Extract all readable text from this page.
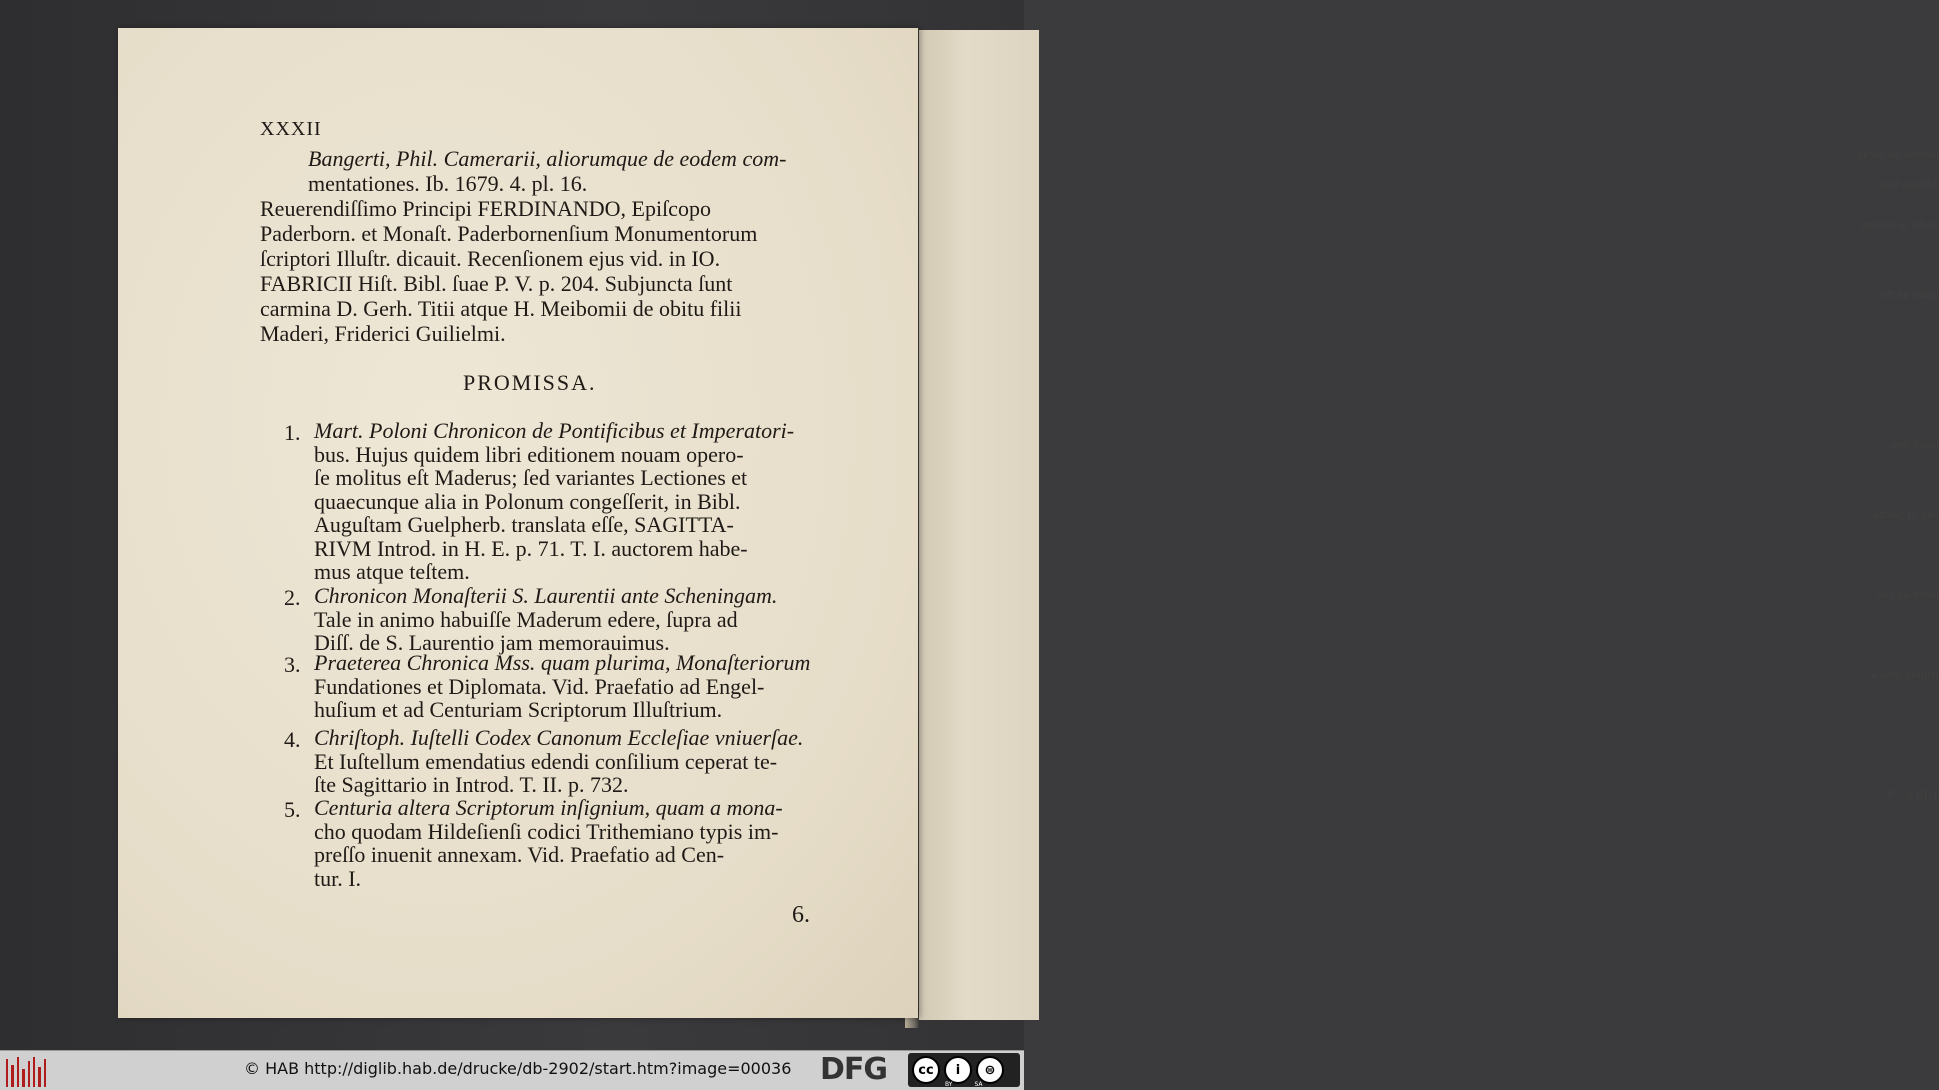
ueroea de ceran
Arimae tuee
cecto in coromi
ulbre ad fin
ulcer deo
ead ut Seclio
ldere ad coe
Iruiom dein a
T. III p. 70
XXXII
Bangerti, Phil. Camerarii, aliorumque de eodem com-
mentationes. Ib. 1679. 4. pl. 16.
Reuerendiſſimo Principi FERDINANDO, Epiſcopo
Paderborn. et Monaſt. Paderbornenſium Monumentorum
ſcriptori Illuſtr. dicauit. Recenſionem ejus vid. in IO.
FABRICII Hiſt. Bibl. ſuae P. V. p. 204. Subjuncta ſunt
carmina D. Gerh. Titii atque H. Meibomii de obitu filii
Maderi, Friderici Guilielmi.
PROMISSA.
1. Mart. Poloni Chronicon de Pontificibus et Imperatori-
bus. Hujus quidem libri editionem nouam opero-
ſe molitus eſt Maderus; ſed variantes Lectiones et
quaecunque alia in Polonum congeſſerit, in Bibl.
Auguſtam Guelpherb. translata eſſe, SAGITTA-
RIVM Introd. in H. E. p. 71. T. I. auctorem habe-
mus atque teſtem.
2. Chronicon Monaſterii S. Laurentii ante Scheningam.
Tale in animo habuiſſe Maderum edere, ſupra ad
Diſſ. de S. Laurentio jam memorauimus.
3. Praeterea Chronica Mss. quam plurima, Monaſteriorum
Fundationes et Diplomata. Vid. Praefatio ad Engel-
huſium et ad Centuriam Scriptorum Illuſtrium.
4. Chriſtoph. Iuſtelli Codex Canonum Eccleſiae vniuerſae.
Et Iuſtellum emendatius edendi conſilium ceperat te-
ſte Sagittario in Introd. T. II. p. 732.
5. Centuria altera Scriptorum inſignium, quam a mona-
cho quodam Hildeſienſi codici Trithemiano typis im-
preſſo inuenit annexam. Vid. Praefatio ad Cen-
tur. I.
6.
© HAB http://diglib.hab.de/drucke/db-2902/start.htm?image=00036 DFG	cc	i	⊜
BY	SA
